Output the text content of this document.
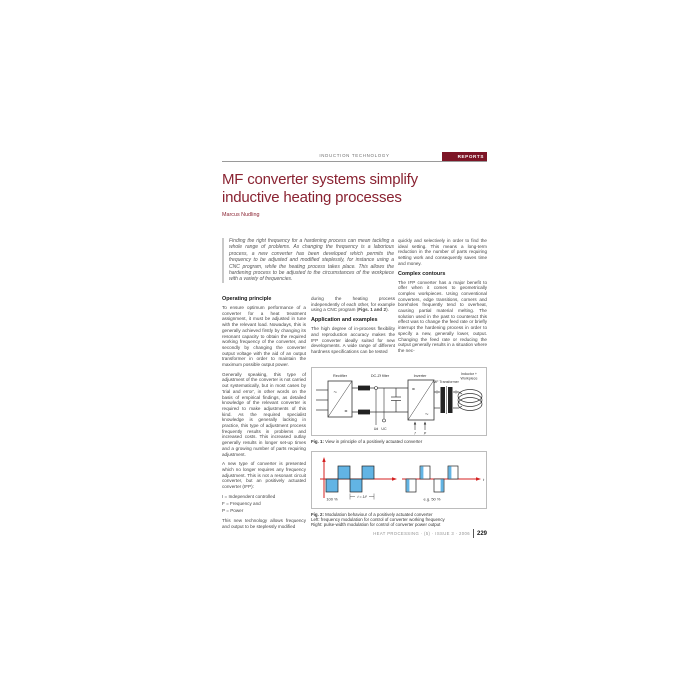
INDUCTION TECHNOLOGY	REPORTS
MF converter systems simplify inductive heating processes
Marcus Nudling
Finding the right frequency for a hardening process can mean tackling a whole range of problems. As changing the frequency is a laborious process, a new converter has been developed which permits the frequency to be adjusted and modified steplessly, for instance using a CNC program, while the heating process takes place. This allows the hardening process to be adjusted to the circumstances of the workpiece with a variety of frequencies.
Operating principle

To ensure optimum performance of a converter for a heat treatment assignment, it must be adjusted in tune with the relevant load. Nowadays, this is generally achieved firstly by changing its resonant capacity to obtain the required working frequency of the converter, and secondly by changing the converter output voltage with the aid of an output transformer in order to maintain the maximum possible output power.

Generally speaking, this type of adjustment of the converter is not carried out systematically, but in most cases by 'trial and error', in other words on the basis of empirical findings, as detailed knowledge of the relevant converter is required to make adjustments of this kind. As the required specialist knowledge is generally lacking in practice, this type of adjustment process frequently results in problems and increased costs. This increased outlay generally results in longer set-up times and a growing number of parts requiring adjustment.

A new type of converter is presented which no longer requires any frequency adjustment. This is not a resonant circuit converter, but an positively actuated converter (IFP):

I = Independent controlled
F = Frequency and
P = Power

This new technology allows frequency and output to be steplessly modified

during the heating process independently of each other, for example using a CNC program (Figs. 1 and 2).

Application and examples

The high degree of in-process flexibility and reproduction accuracy makes the IFP converter ideally suited for new developments. A wide range of different hardness specifications can be tested

quickly and selectively in order to find the ideal setting. This means a long-term reduction in the number of parts requiring setting work and consequently saves time and money.

Complex contours

The IFP converter has a major benefit to offer when it comes to geometrically complex workpieces. Using conventional converters, edge transitions, corners and boreholes frequently tend to overheat, causing partial material melting. The solution used in the past to counteract this effect was to change the feed rate or briefly interrupt the hardening process in order to specify a new, generally lower, output. Changing the feed rate or reducing the output generally results in a situation where the nec-

Rectifier	DC-Zf filter	Inverter
MF Transformer
Inductor +
Workpiece
~
=
Ud UC
=
~
f P
Fig. 1: View in principle of a positively actuated converter
100 %	t = 1/f	e.g. 50 %
t
Fig. 2: Modulation behaviour of a positively actuated converter
Left: frequency modulation for control of converter working frequency
Right: pulse-width modulation for control of converter power output
HEAT PROCESSING · (5) · ISSUE 3 · 2006 229
